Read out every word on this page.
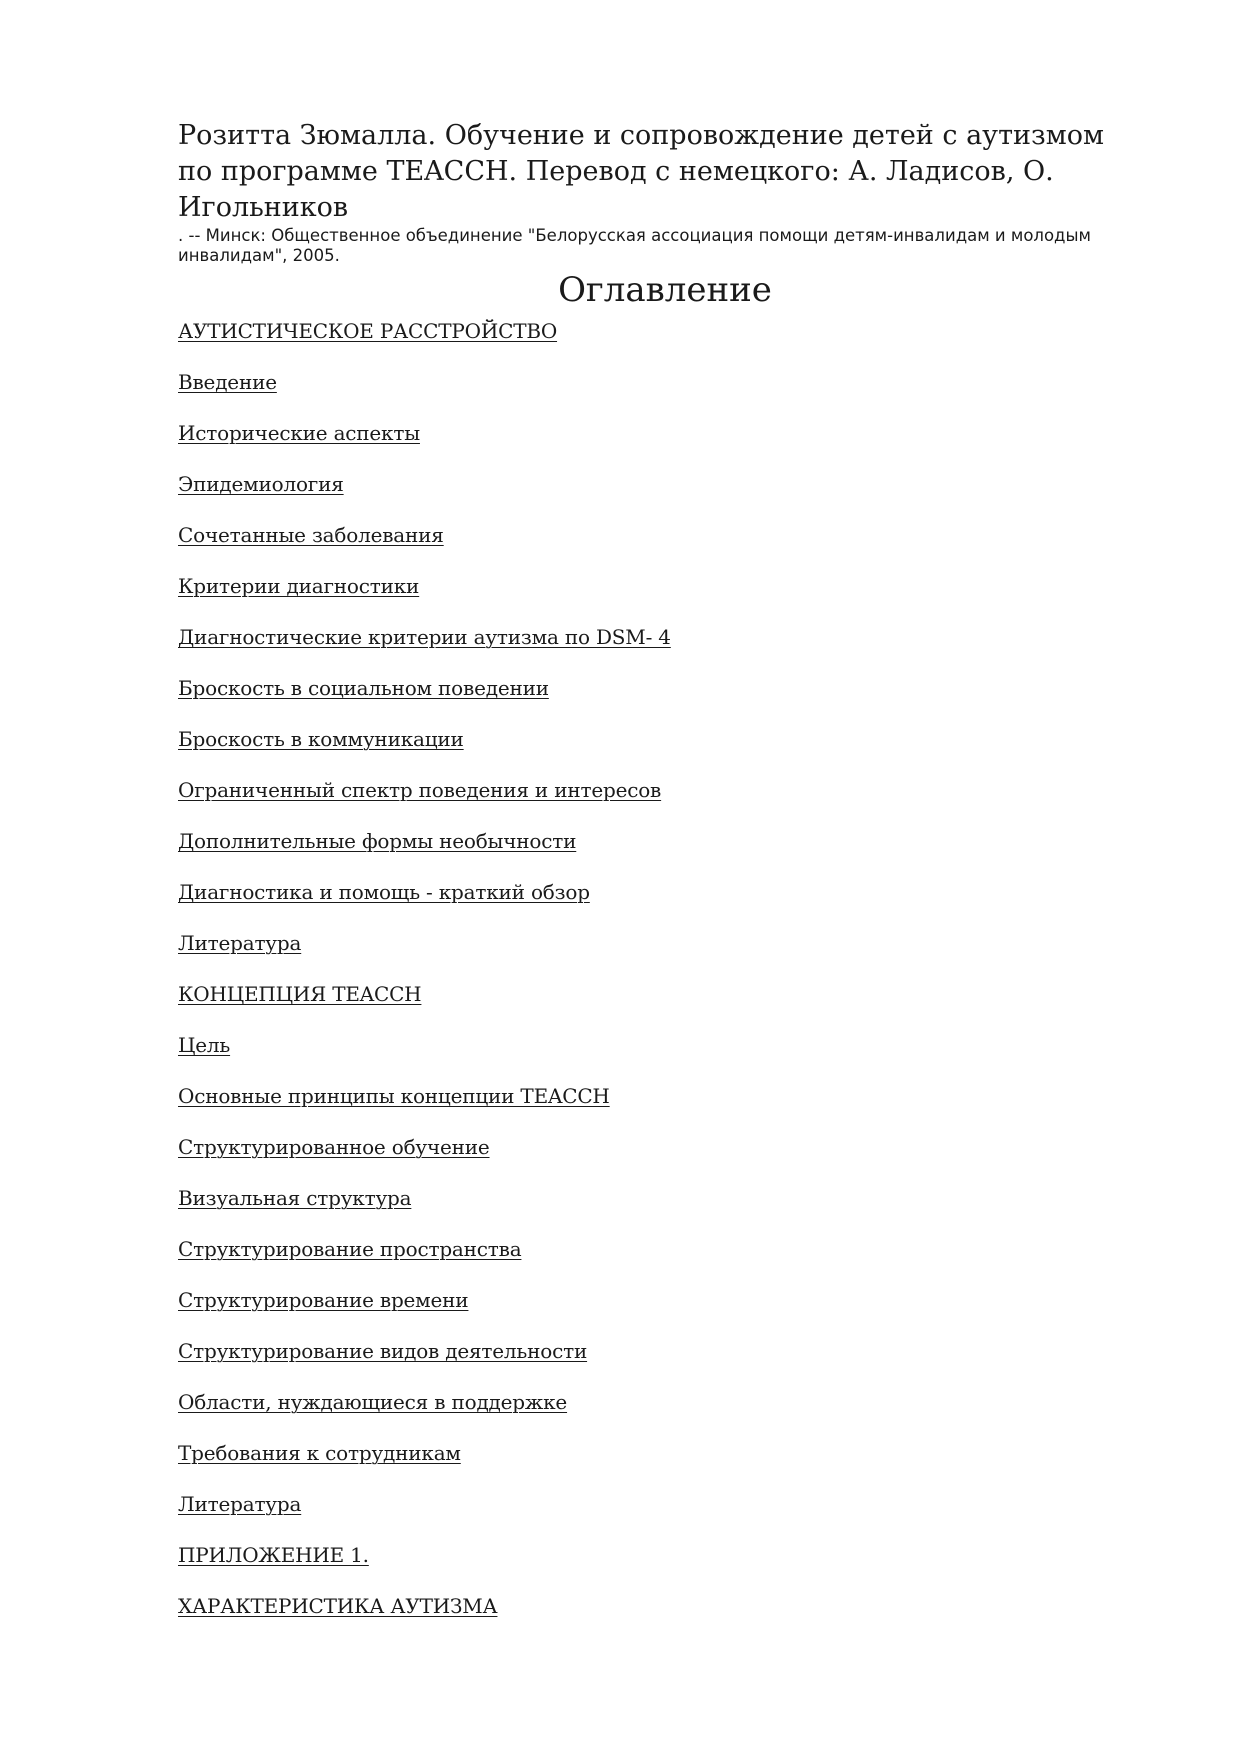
Розитта Зюмалла. Обучение и сопровождение детей с аутизмом по программе TEACCH. Перевод с немецкого: А. Ладисов, О. Игольников

. -- Минск: Общественное объединение "Белорусская ассоциация помощи детям-инвалидам и молодым инвалидам", 2005.

Оглавление
АУТИСТИЧЕСКОЕ РАССТРОЙСТВО
Введение
Исторические аспекты
Эпидемиология
Сочетанные заболевания
Критерии диагностики
Диагностические критерии аутизма по DSM- 4
Броскость в социальном поведении
Броскость в коммуникации
Ограниченный спектр поведения и интересов
Дополнительные формы необычности
Диагностика и помощь - краткий обзор
Литература
КОНЦЕПЦИЯ TEACCH
Цель
Основные принципы концепции TEACCH
Структурированное обучение
Визуальная структура
Структурирование пространства
Структурирование времени
Структурирование видов деятельности
Области, нуждающиеся в поддержке
Требования к сотрудникам
Литература
ПРИЛОЖЕНИЕ 1.
ХАРАКТЕРИСТИКА АУТИЗМА
